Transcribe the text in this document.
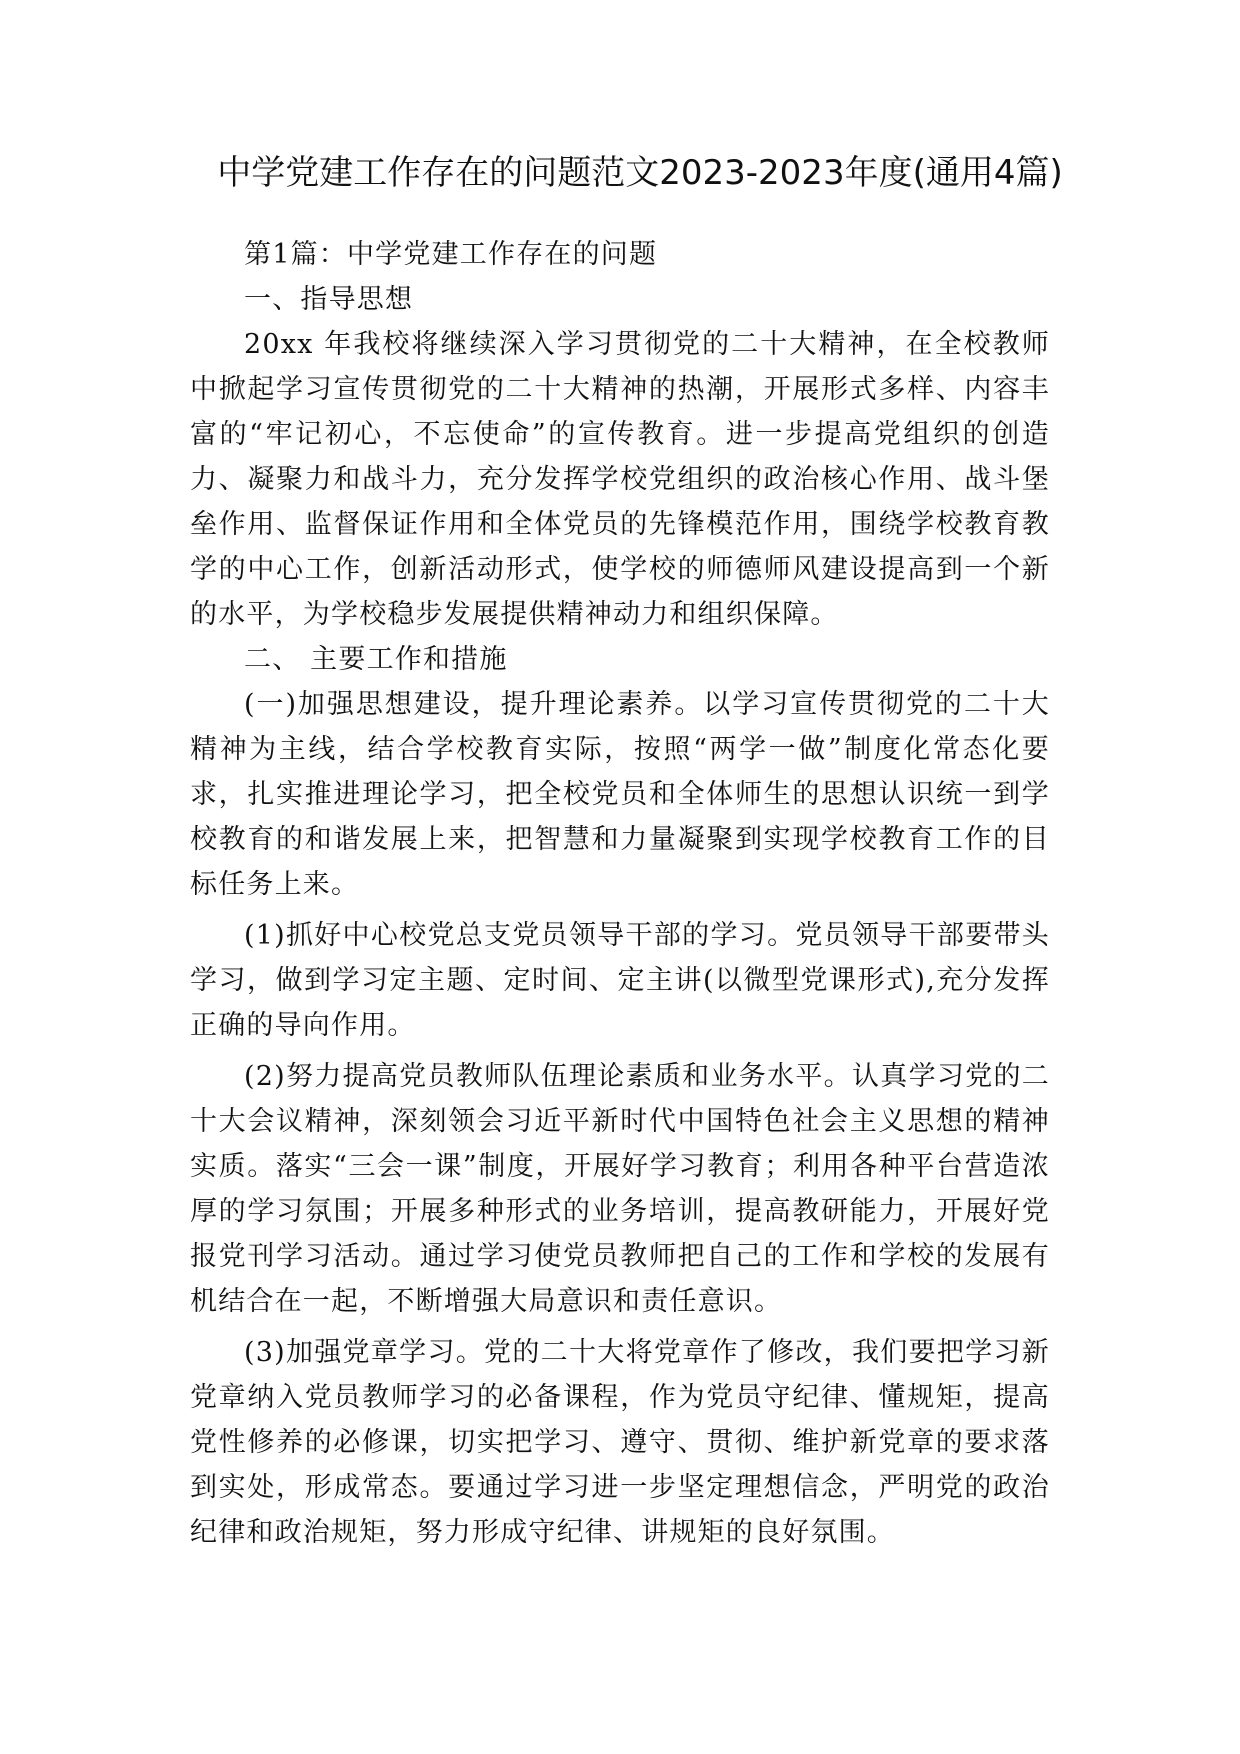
中学党建工作存在的问题范文2023-2023年度(通用4篇)

第1篇：中学党建工作存在的问题

一、指导思想

20xx 年我校将继续深入学习贯彻党的二十大精神，在全校教师中掀起学习宣传贯彻党的二十大精神的热潮，开展形式多样、内容丰富的“牢记初心，不忘使命”的宣传教育。进一步提高党组织的创造力、凝聚力和战斗力，充分发挥学校党组织的政治核心作用、战斗堡垒作用、监督保证作用和全体党员的先锋模范作用，围绕学校教育教学的中心工作，创新活动形式，使学校的师德师风建设提高到一个新的水平，为学校稳步发展提供精神动力和组织保障。

二、 主要工作和措施

(一)加强思想建设，提升理论素养。以学习宣传贯彻党的二十大精神为主线，结合学校教育实际，按照“两学一做”制度化常态化要求，扎实推进理论学习，把全校党员和全体师生的思想认识统一到学校教育的和谐发展上来，把智慧和力量凝聚到实现学校教育工作的目标任务上来。

(1)抓好中心校党总支党员领导干部的学习。党员领导干部要带头学习，做到学习定主题、定时间、定主讲(以微型党课形式),充分发挥正确的导向作用。

(2)努力提高党员教师队伍理论素质和业务水平。认真学习党的二十大会议精神，深刻领会习近平新时代中国特色社会主义思想的精神实质。落实“三会一课”制度，开展好学习教育；利用各种平台营造浓厚的学习氛围；开展多种形式的业务培训，提高教研能力，开展好党报党刊学习活动。通过学习使党员教师把自己的工作和学校的发展有机结合在一起，不断增强大局意识和责任意识。

(3)加强党章学习。党的二十大将党章作了修改，我们要把学习新党章纳入党员教师学习的必备课程，作为党员守纪律、懂规矩，提高党性修养的必修课，切实把学习、遵守、贯彻、维护新党章的要求落到实处，形成常态。要通过学习进一步坚定理想信念，严明党的政治纪律和政治规矩，努力形成守纪律、讲规矩的良好氛围。
